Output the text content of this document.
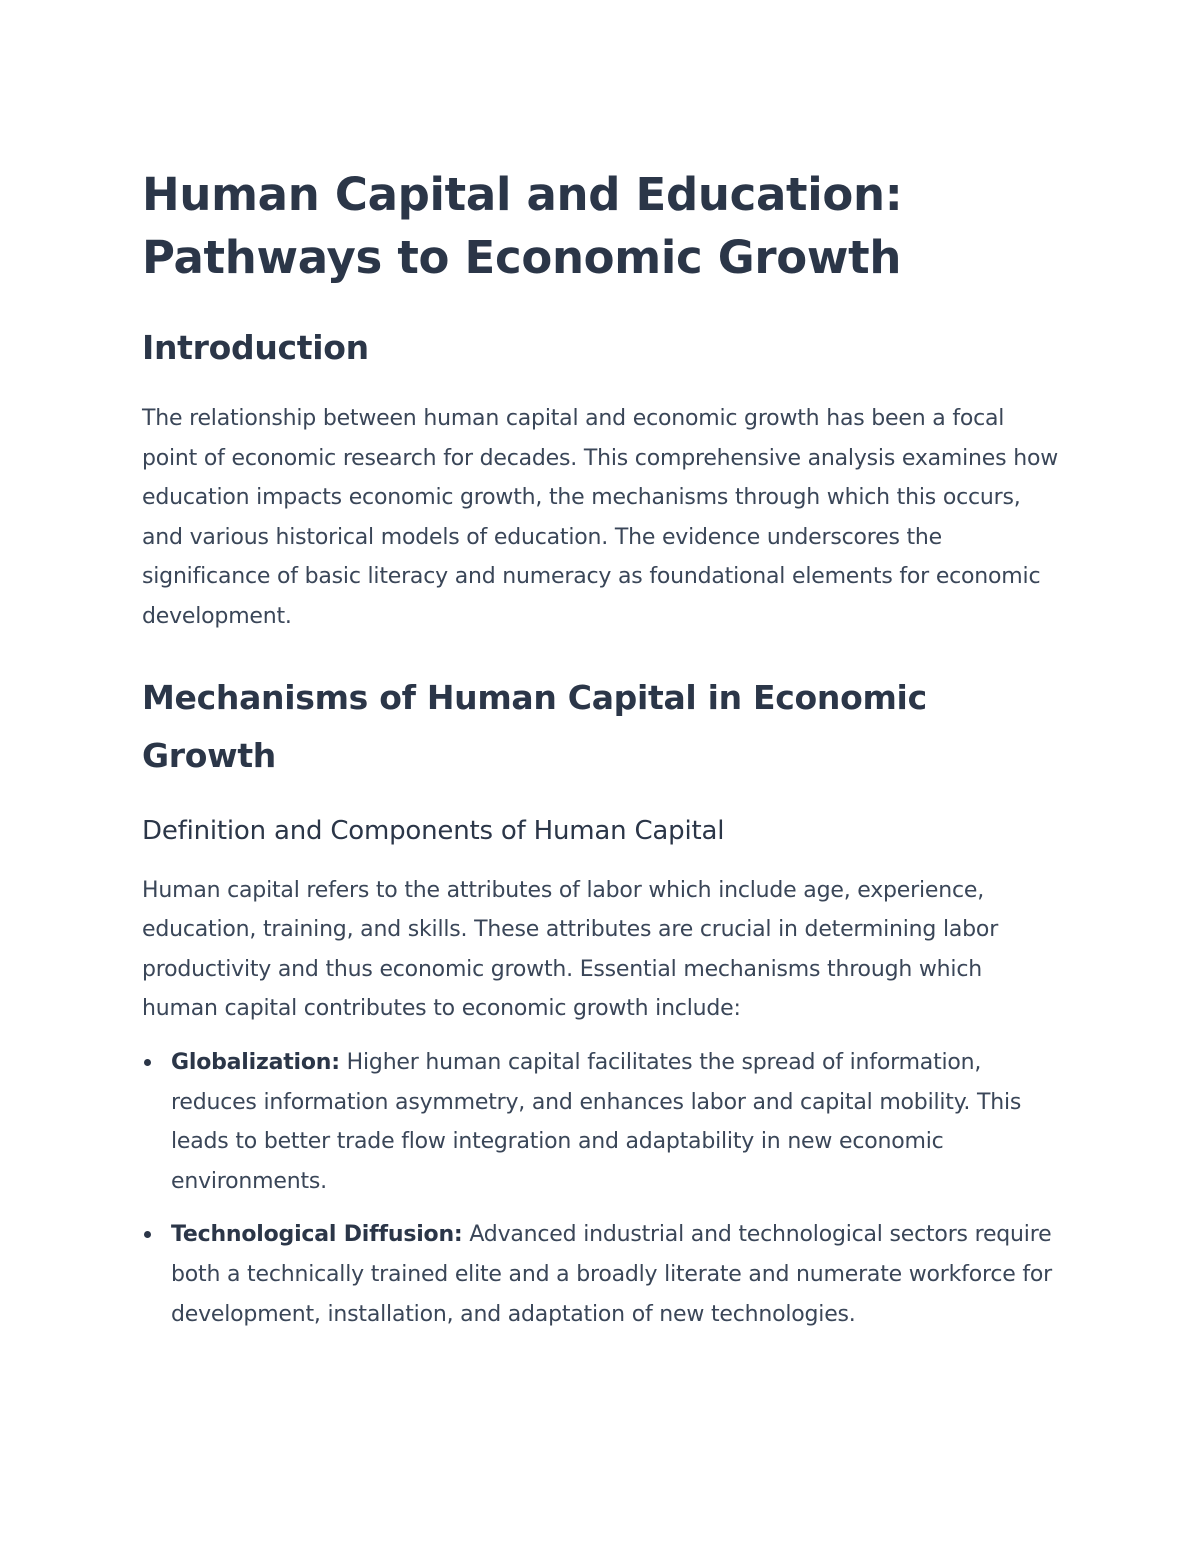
Human Capital and Education:
Pathways to Economic Growth
Introduction

The relationship between human capital and economic growth has been a focal point of economic research for decades. This comprehensive analysis examines how education impacts economic growth, the mechanisms through which this occurs, and various historical models of education. The evidence underscores the significance of basic literacy and numeracy as foundational elements for economic development.

Mechanisms of Human Capital in Economic Growth
Definition and Components of Human Capital

Human capital refers to the attributes of labor which include age, experience, education, training, and skills. These attributes are crucial in determining labor productivity and thus economic growth. Essential mechanisms through which human capital contributes to economic growth include:

Globalization: Higher human capital facilitates the spread of information, reduces information asymmetry, and enhances labor and capital mobility. This leads to better trade flow integration and adaptability in new economic environments.
Technological Diffusion: Advanced industrial and technological sectors require both a technically trained elite and a broadly literate and numerate workforce for development, installation, and adaptation of new technologies.
